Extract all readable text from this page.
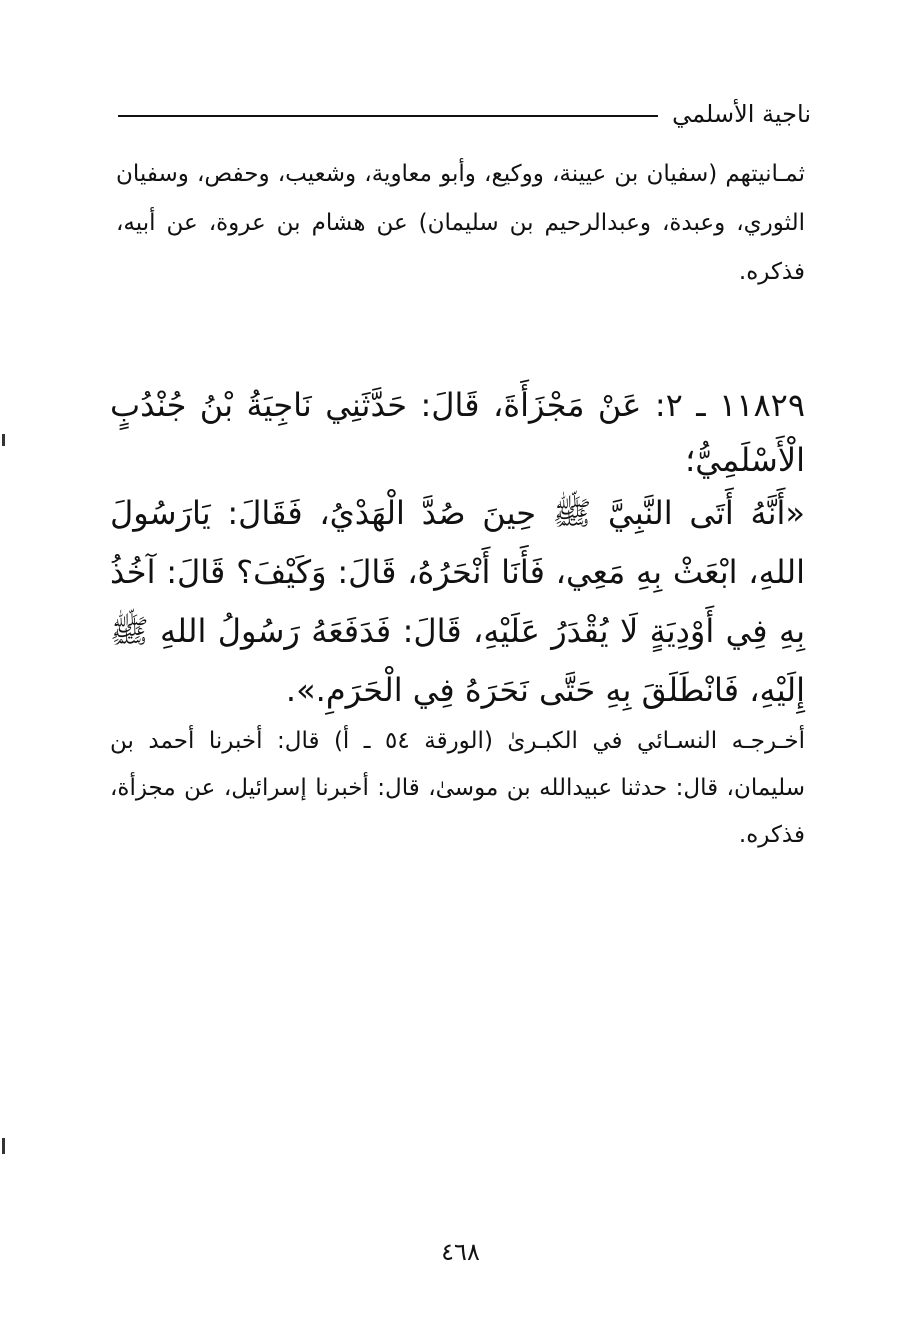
ناجية الأسلمي
ثمـانيتهم (سفيان بن عيينة، ووكيع، وأبو معاوية، وشعيب، وحفص، وسفيان الثوري، وعبدة، وعبدالرحيم بن سليمان) عن هشام بن عروة، عن أبيه، فذكره.
١١٨٢٩ ـ ٢: عَنْ مَجْزَأَةَ، قَالَ: حَدَّثَنِي نَاجِيَةُ بْنُ جُنْدُبٍ الْأَسْلَمِيُّ؛
«أَنَّهُ أَتَى النَّبِيَّ ﷺ حِينَ صُدَّ الْهَدْيُ، فَقَالَ: يَارَسُولَ اللهِ، ابْعَثْ بِهِ مَعِي، فَأَنَا أَنْحَرُهُ، قَالَ: وَكَيْفَ؟ قَالَ: آخُذُ بِهِ فِي أَوْدِيَةٍ لَا يُقْدَرُ عَلَيْهِ، قَالَ: فَدَفَعَهُ رَسُولُ اللهِ ﷺ إِلَيْهِ، فَانْطَلَقَ بِهِ حَتَّى نَحَرَهُ فِي الْحَرَمِ.».
أخـرجـه النسـائي في الكبـرىٰ (الورقة ٥٤ ـ أ) قال: أخبرنا أحمد بن سليمان، قال: حدثنا عبيدالله بن موسىٰ، قال: أخبرنا إسرائيل، عن مجزأة، فذكره.
٤٦٨
